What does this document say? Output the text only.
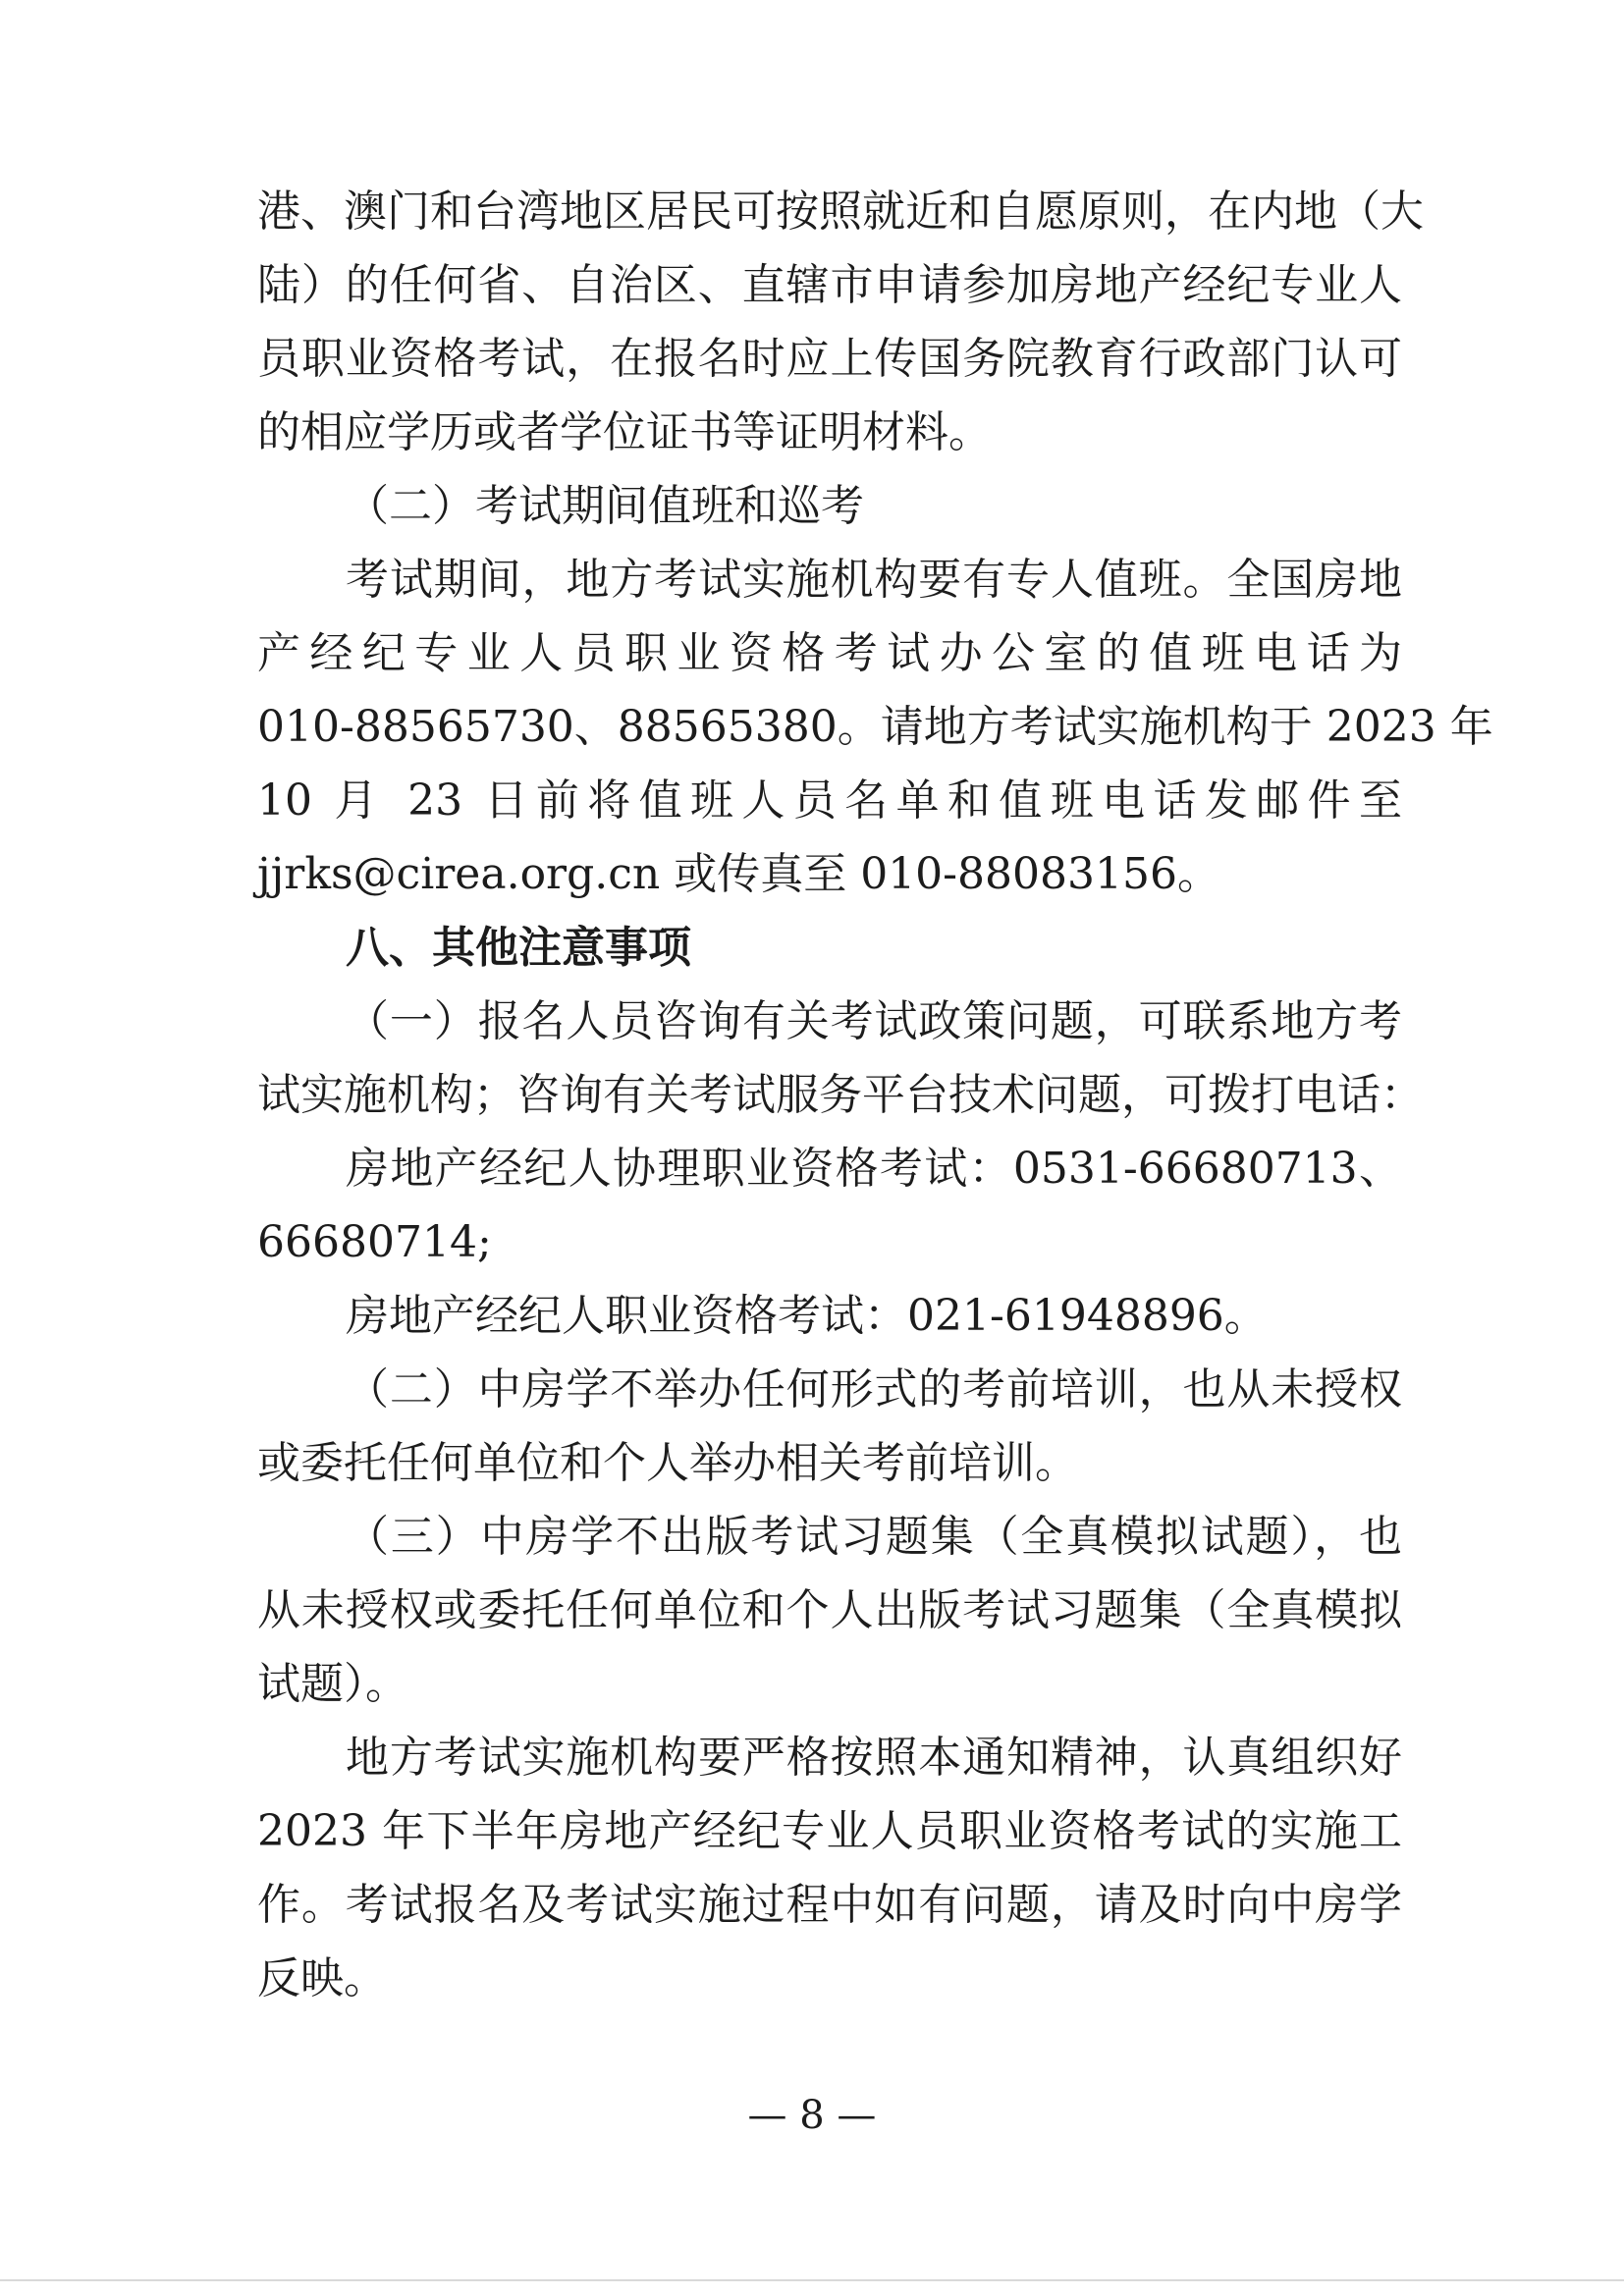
港、澳门和台湾地区居民可按照就近和自愿原则，在内地（大
陆）的任何省、自治区、直辖市申请参加房地产经纪专业人
员职业资格考试，在报名时应上传国务院教育行政部门认可
的相应学历或者学位证书等证明材料。
（二）考试期间值班和巡考
考试期间，地方考试实施机构要有专人值班。全国房地
产经纪专业人员职业资格考试办公室的值班电话为
010-88565730、88565380。请地方考试实施机构于 2023 年
10 月 23 日前将值班人员名单和值班电话发邮件至
jjrks@cirea.org.cn 或传真至 010-88083156。
八、其他注意事项
（一）报名人员咨询有关考试政策问题，可联系地方考
试实施机构；咨询有关考试服务平台技术问题，可拨打电话：
房地产经纪人协理职业资格考试：0531-66680713、
66680714;
房地产经纪人职业资格考试：021-61948896。
（二）中房学不举办任何形式的考前培训，也从未授权
或委托任何单位和个人举办相关考前培训。
（三）中房学不出版考试习题集（全真模拟试题），也
从未授权或委托任何单位和个人出版考试习题集（全真模拟
试题）。
地方考试实施机构要严格按照本通知精神，认真组织好
2023 年下半年房地产经纪专业人员职业资格考试的实施工
作。考试报名及考试实施过程中如有问题，请及时向中房学
反映。
— 8 —
